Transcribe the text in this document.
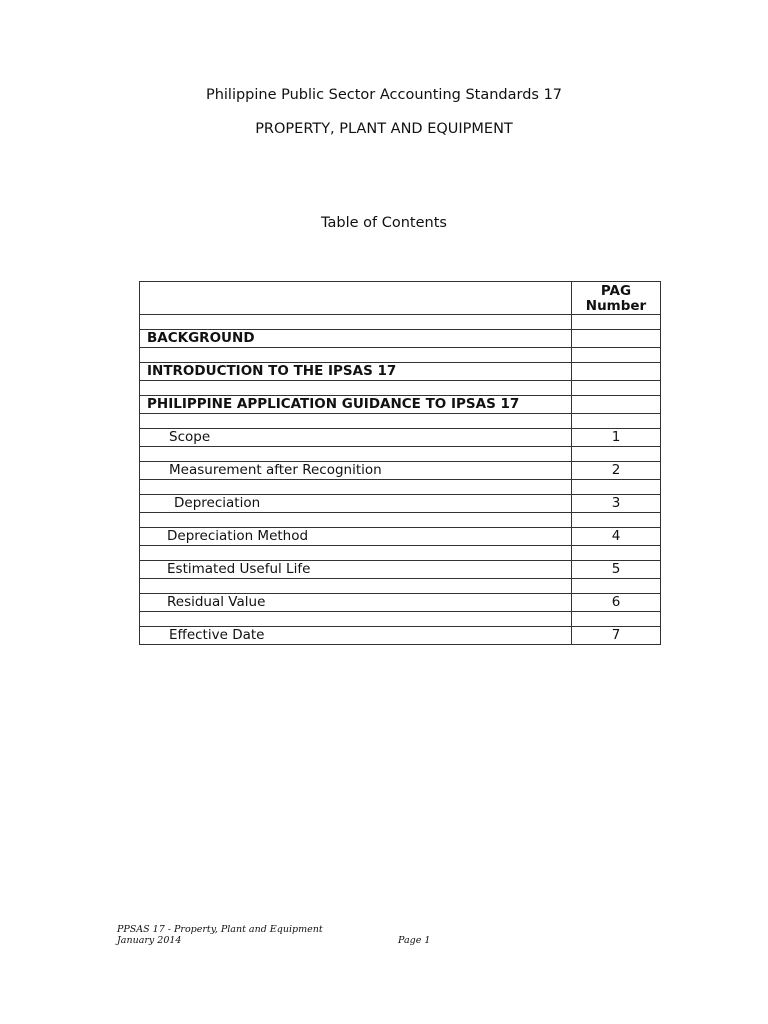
Philippine Public Sector Accounting Standards 17
PROPERTY, PLANT AND EQUIPMENT
Table of Contents

	PAG
Number

BACKGROUND	

INTRODUCTION TO THE IPSAS 17	

PHILIPPINE APPLICATION GUIDANCE TO IPSAS 17	

Scope	1

Measurement after Recognition	2

Depreciation	3

Depreciation Method	4

Estimated Useful Life	5

Residual Value	6

Effective Date	7
PPSAS 17 - Property, Plant and Equipment
January 2014	Page 1
